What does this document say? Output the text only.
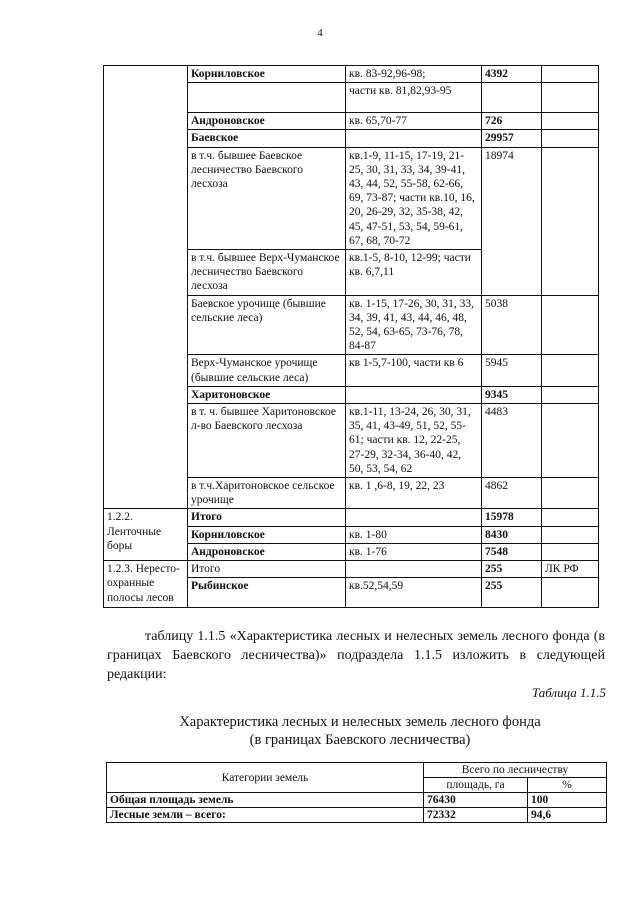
4
	Корниловское	кв. 83-92,96-98;	4392	
		части кв. 81,82,93-95		
	Андроновское	кв. 65,70-77	726	
	Баевское		29957	
	в т.ч. бывшее Баевское лесничество Баевского лесхоза	кв.1-9, 11-15, 17-19, 21-25, 30, 31, 33, 34, 39-41, 43, 44, 52, 55-58, 62-66, 69, 73-87; части кв.10, 16, 20, 26-29, 32, 35-38, 42, 45, 47-51, 53, 54, 59-61, 67, 68, 70-72	18974	
	в т.ч. бывшее Верх-Чуманское лесничество Баевского лесхоза	кв.1-5, 8-10, 12-99; части кв. 6,7,11		
	Баевское урочище (бывшие сельские леса)	кв. 1-15, 17-26, 30, 31, 33, 34, 39, 41, 43, 44, 46, 48, 52, 54, 63-65, 73-76, 78, 84-87	5038	
	Верх-Чуманское урочище (бывшие сельские леса)	кв 1-5,7-100, части кв 6	5945	
	Харитоновское		9345	
	в т. ч. бывшее Харитоновское л-во Баевского лесхоза	кв.1-11, 13-24, 26, 30, 31, 35, 41, 43-49, 51, 52, 55-61; части кв. 12, 22-25, 27-29, 32-34, 36-40, 42, 50, 53, 54, 62	4483	
	в т.ч.Харитоновское сельское урочище	кв. 1 ,6-8, 19, 22, 23	4862	
1.2.2. Ленточные боры	Итого		15978	
	Корниловское	кв. 1-80	8430	
	Андроновское	кв. 1-76	7548	
1.2.3. Нересто-охранные полосы лесов	Итого		255	ЛК РФ
	Рыбинское	кв.52,54,59	255	
таблицу 1.1.5 «Характеристика лесных и нелесных земель лесного фонда (в границах Баевского лесничества)» подраздела 1.1.5 изложить в следующей редакции:
Таблица 1.1.5
Характеристика лесных и нелесных земель лесного фонда
(в границах Баевского лесничества)
Категории земель	Всего по лесничеству	
	площадь, га	%
Общая площадь земель	76430	100
Лесные земли – всего:	72332	94,6
